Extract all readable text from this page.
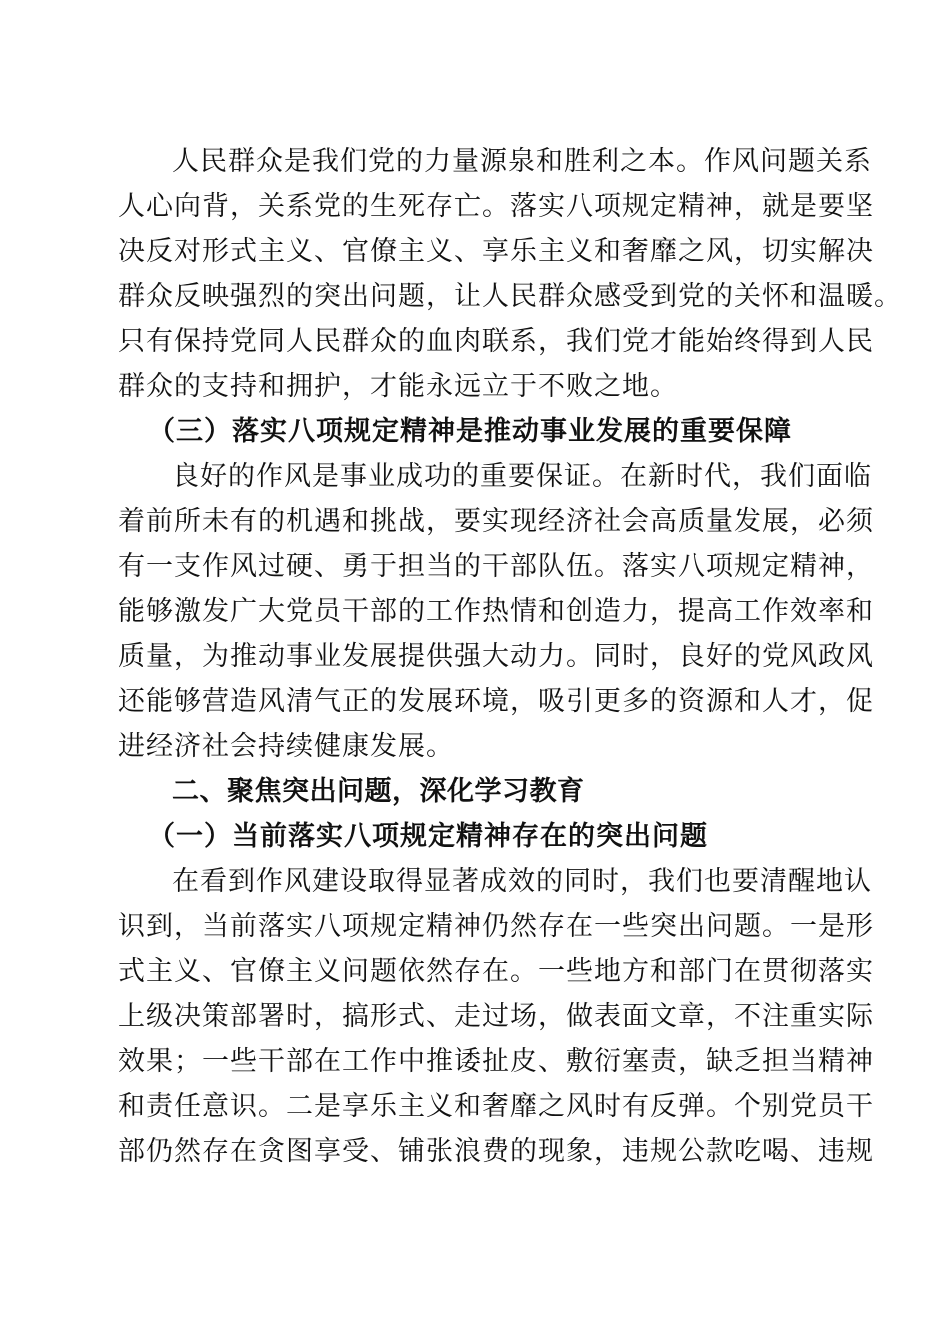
人民群众是我们党的力量源泉和胜利之本。作风问题关系
人心向背，关系党的生死存亡。落实八项规定精神，就是要坚
决反对形式主义、官僚主义、享乐主义和奢靡之风，切实解决
群众反映强烈的突出问题，让人民群众感受到党的关怀和温暖。
只有保持党同人民群众的血肉联系，我们党才能始终得到人民
群众的支持和拥护，才能永远立于不败之地。
（三）落实八项规定精神是推动事业发展的重要保障
良好的作风是事业成功的重要保证。在新时代，我们面临
着前所未有的机遇和挑战，要实现经济社会高质量发展，必须
有一支作风过硬、勇于担当的干部队伍。落实八项规定精神，
能够激发广大党员干部的工作热情和创造力，提高工作效率和
质量，为推动事业发展提供强大动力。同时，良好的党风政风
还能够营造风清气正的发展环境，吸引更多的资源和人才，促
进经济社会持续健康发展。
二、聚焦突出问题，深化学习教育
（一）当前落实八项规定精神存在的突出问题
在看到作风建设取得显著成效的同时，我们也要清醒地认
识到，当前落实八项规定精神仍然存在一些突出问题。一是形
式主义、官僚主义问题依然存在。一些地方和部门在贯彻落实
上级决策部署时，搞形式、走过场，做表面文章，不注重实际
效果；一些干部在工作中推诿扯皮、敷衍塞责，缺乏担当精神
和责任意识。二是享乐主义和奢靡之风时有反弹。个别党员干
部仍然存在贪图享受、铺张浪费的现象，违规公款吃喝、违规
